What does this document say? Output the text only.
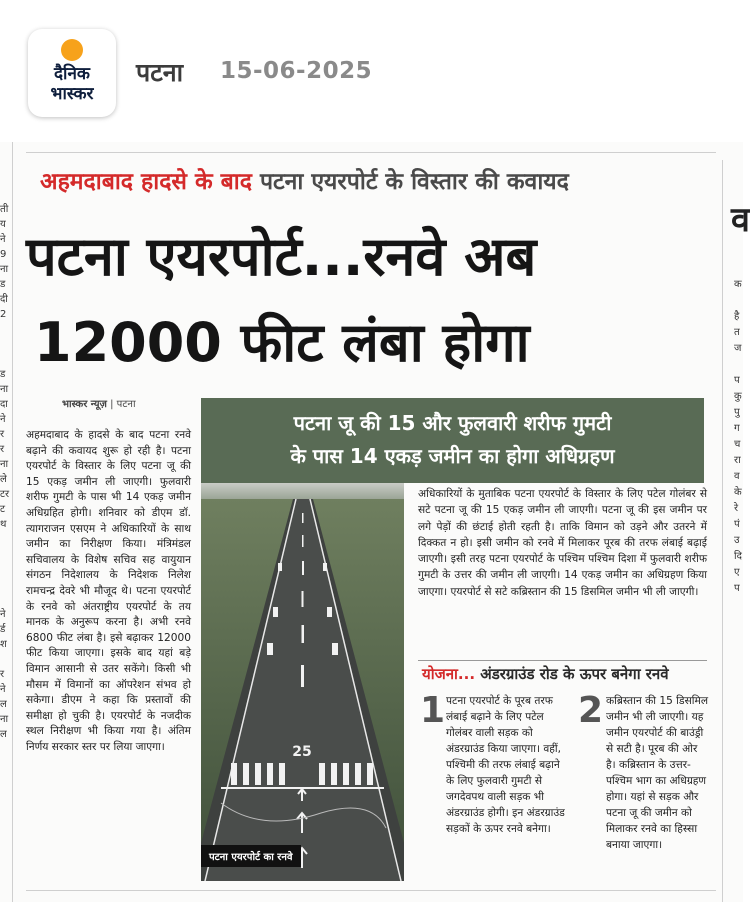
दैनिक
भास्कर
पटना 15-06-2025
ती
य
ने
9
ना
ड
दी
2

ड
ना
दा
ने
र
र
ना
ले
टर
ट
थ

ने
र्ड
श

र
ने
ल
ना
ल
क

है
त
ज

प
कु
पु
ग
च
रा
व
के
रे
पं
उ
दि
ए
प
व
अहमदाबाद हादसे के बाद पटना एयरपोर्ट के विस्तार की कवायद
पटना एयरपोर्ट...रनवे अब
12000 फीट लंबा होगा
भास्कर न्यूज़ | पटना
अहमदाबाद के हादसे के बाद पटना रनवे बढ़ाने की कवायद शुरू हो रही है। पटना एयरपोर्ट के विस्तार के लिए पटना जू की 15 एकड़ जमीन ली जाएगी। फुलवारी शरीफ गुमटी के पास भी 14 एकड़ जमीन अधिग्रहित होगी। शनिवार को डीएम डॉ. त्यागराजन एसएम ने अधिकारियों के साथ जमीन का निरीक्षण किया। मंत्रिमंडल सचिवालय के विशेष सचिव सह वायुयान संगठन निदेशालय के निदेशक निलेश रामचन्द्र देवरे भी मौजूद थे। पटना एयरपोर्ट के रनवे को अंतराष्ट्रीय एयरपोर्ट के तय मानक के अनुरूप करना है। अभी रनवे 6800 फीट लंबा है। इसे बढ़ाकर 12000 फीट किया जाएगा। इसके बाद यहां बड़े विमान आसानी से उतर सकेंगे। किसी भी मौसम में विमानों का ऑपरेशन संभव हो सकेगा। डीएम ने कहा कि प्रस्तावों की समीक्षा हो चुकी है। एयरपोर्ट के नजदीक स्थल निरीक्षण भी किया गया है। अंतिम निर्णय सरकार स्तर पर लिया जाएगा।
पटना जू की 15 और फुलवारी शरीफ गुमटी
के पास 14 एकड़ जमीन का होगा अधिग्रहण
25
पटना एयरपोर्ट का रनवे
अधिकारियों के मुताबिक पटना एयरपोर्ट के विस्तार के लिए पटेल गोलंबर से सटे पटना जू की 15 एकड़ जमीन ली जाएगी। पटना जू की इस जमीन पर लगे पेड़ों की छंटाई होती रहती है। ताकि विमान को उड़ने और उतरने में दिक्कत न हो। इसी जमीन को रनवे में मिलाकर पूरब की तरफ लंबाई बढ़ाई जाएगी। इसी तरह पटना एयरपोर्ट के पश्चिम पश्चिम दिशा में फुलवारी शरीफ गुमटी के उत्तर की जमीन ली जाएगी। 14 एकड़ जमीन का अधिग्रहण किया जाएगा। एयरपोर्ट से सटे कब्रिस्तान की 15 डिसमिल जमीन भी ली जाएगी।
योजना... अंडरग्राउंड रोड के ऊपर बनेगा रनवे
1 पटना एयरपोर्ट के पूरब तरफ लंबाई बढ़ाने के लिए पटेल गोलंबर वाली सड़क को अंडरग्राउंड किया जाएगा। वहीं, पश्चिमी की तरफ लंबाई बढ़ाने के लिए फुलवारी गुमटी से जगदेवपथ वाली सड़क भी अंडरग्राउंड होगी। इन अंडरग्राउंड सड़कों के ऊपर रनवे बनेगा।
2 कब्रिस्तान की 15 डिसमिल जमीन भी ली जाएगी। यह जमीन एयरपोर्ट की बाउंड्री से सटी है। पूरब की ओर है। कब्रिस्तान के उत्तर-पश्चिम भाग का अधिग्रहण होगा। यहां से सड़क और पटना जू की जमीन को मिलाकर रनवे का हिस्सा बनाया जाएगा।
